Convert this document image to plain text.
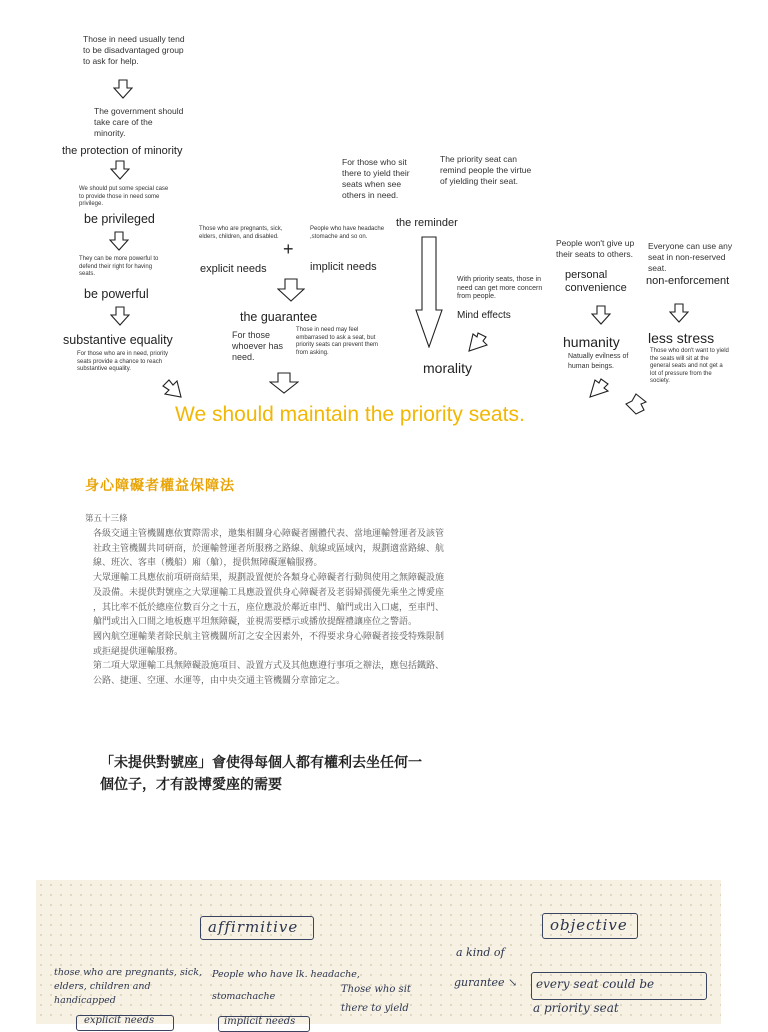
Those in need usually tend to be disadvantaged group to ask for help.
The government should take care of the minority.
the protection of minority
We should put some special case to provide those in need some privilege.
be privileged
They can be more powerful to defend their right for having seats.
be powerful
substantive equality
For those who are in need, priority seats provide a chance to reach substantive equality.
Those who are pregnants, sick, elders, children, and disabled.
+
People who have headache ,stomache and so on.
explicit needs	implicit needs
the guarantee
For those whoever has need.
Those in need may feel embarrased to ask a seat, but priority seats can prevent them from asking.
For those who sit there to yield their seats when see others in need.
The priority seat can remind people the virtue of yielding their seat.
the reminder
With priority seats, those in need can get more concern from people.
Mind effects
morality
People won't give up their seats to others.
Everyone can use any seat in non-reserved seat.
personal convenience
non-enforcement
humanity
Natually evilness of human beings.
less stress
Those who don't want to yield the seats will sit at the general seats and not get a lot of pressure from the society.
We should maintain the priority seats.
身心障礙者權益保障法
第五十三條

各級交通主管機關應依實際需求，邀集相關身心障礙者團體代表、當地運輸營運者及該管

社政主管機關共同研商，於運輸營運者所服務之路線、航線或區域內，規劃適當路線、航

線、班次、客車（機船）廂（艙），提供無障礙運輸服務。

大眾運輸工具應依前項研商結果，規劃設置便於各類身心障礙者行動與使用之無障礙設施

及設備。未提供對號座之大眾運輸工具應設置供身心障礙者及老弱婦孺優先乘坐之博愛座

，其比率不低於總座位數百分之十五，座位應設於鄰近車門、艙門或出入口處，至車門、

艙門或出入口間之地板應平坦無障礙，並視需要標示或播放提醒禮讓座位之警語。

國內航空運輸業者除民航主管機關所訂之安全因素外，不得要求身心障礙者接受特殊限制

或拒絕提供運輸服務。

第二項大眾運輸工具無障礙設施項目、設置方式及其他應遵行事項之辦法，應包括鐵路、

公路、捷運、空運、水運等，由中央交通主管機關分章節定之。

「未提供對號座」會使得每個人都有權利去坐任何一
個位子，才有設博愛座的需要
affirmitive	objective
a kind of
gurantee ↘ every seat could be
a priority seat
those who are pregnants, sick, elders, children and handicapped
explicit needs
People who have lk. headache, stomachache
implicit needs
Those who sit there to yield
